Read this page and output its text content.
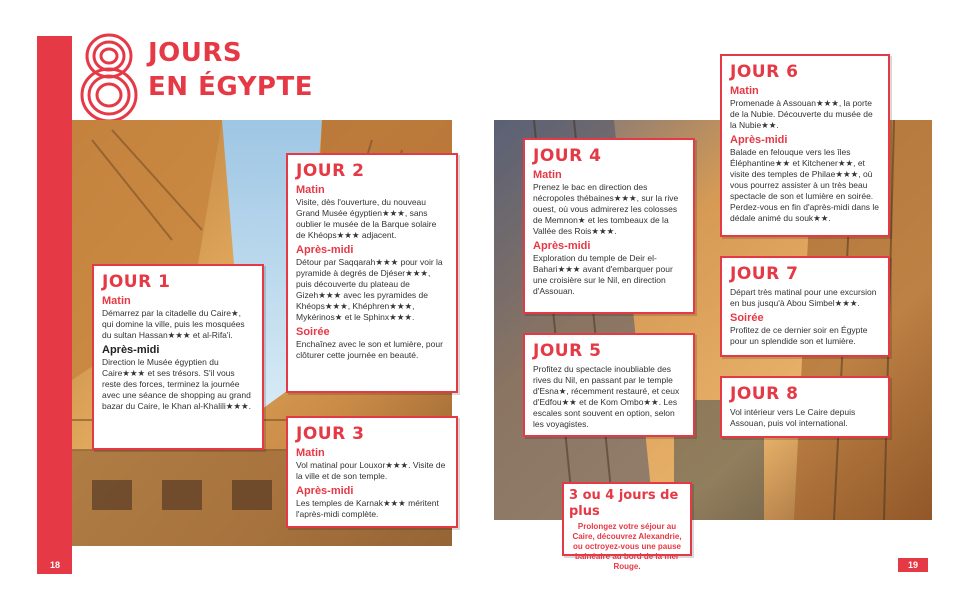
JOURS
EN ÉGYPTE
JOUR 1
Matin

Démarrez par la citadelle du Caire★, qui domine la ville, puis les mosquées du sultan Hassan★★★ et al-Rifa'i.

Après-midi

Direction le Musée égyptien du Caire★★★ et ses trésors. S'il vous reste des forces, terminez la journée avec une séance de shopping au grand bazar du Caire, le Khan al-Khalili★★★.

JOUR 2
Matin

Visite, dès l'ouverture, du nouveau Grand Musée égyptien★★★, sans oublier le musée de la Barque solaire de Khéops★★★ adjacent.

Après-midi

Détour par Saqqarah★★★ pour voir la pyramide à degrés de Djéser★★★, puis découverte du plateau de Gizeh★★★ avec les pyramides de Khéops★★★, Khéphren★★★, Mykérinos★ et le Sphinx★★★.

Soirée

Enchaînez avec le son et lumière, pour clôturer cette journée en beauté.

JOUR 3
Matin

Vol matinal pour Louxor★★★. Visite de la ville et de son temple.

Après-midi

Les temples de Karnak★★★ méritent l'après-midi complète.

JOUR 4
Matin

Prenez le bac en direction des nécropoles thébaines★★★, sur la rive ouest, où vous admirerez les colosses de Memnon★ et les tombeaux de la Vallée des Rois★★★.

Après-midi

Exploration du temple de Deir el-Bahari★★★ avant d'embarquer pour une croisière sur le Nil, en direction d'Assouan.

JOUR 5

Profitez du spectacle inoubliable des rives du Nil, en passant par le temple d'Esna★, récemment restauré, et ceux d'Edfou★★ et de Kom Ombo★★. Les escales sont souvent en option, selon les voyagistes.

JOUR 6
Matin

Promenade à Assouan★★★, la porte de la Nubie. Découverte du musée de la Nubie★★.

Après-midi

Balade en felouque vers les îles Éléphantine★★ et Kitchener★★, et visite des temples de Philae★★★, où vous pourrez assister à un très beau spectacle de son et lumière en soirée. Perdez-vous en fin d'après-midi dans le dédale animé du souk★★.

JOUR 7

Départ très matinal pour une excursion en bus jusqu'à Abou Simbel★★★.

Soirée

Profitez de ce dernier soir en Égypte pour un splendide son et lumière.

JOUR 8

Vol intérieur vers Le Caire depuis Assouan, puis vol international.

3 ou 4 jours de plus

Prolongez votre séjour au Caire, découvrez Alexandrie, ou octroyez-vous une pause balnéaire au bord de la mer Rouge.

18	19
